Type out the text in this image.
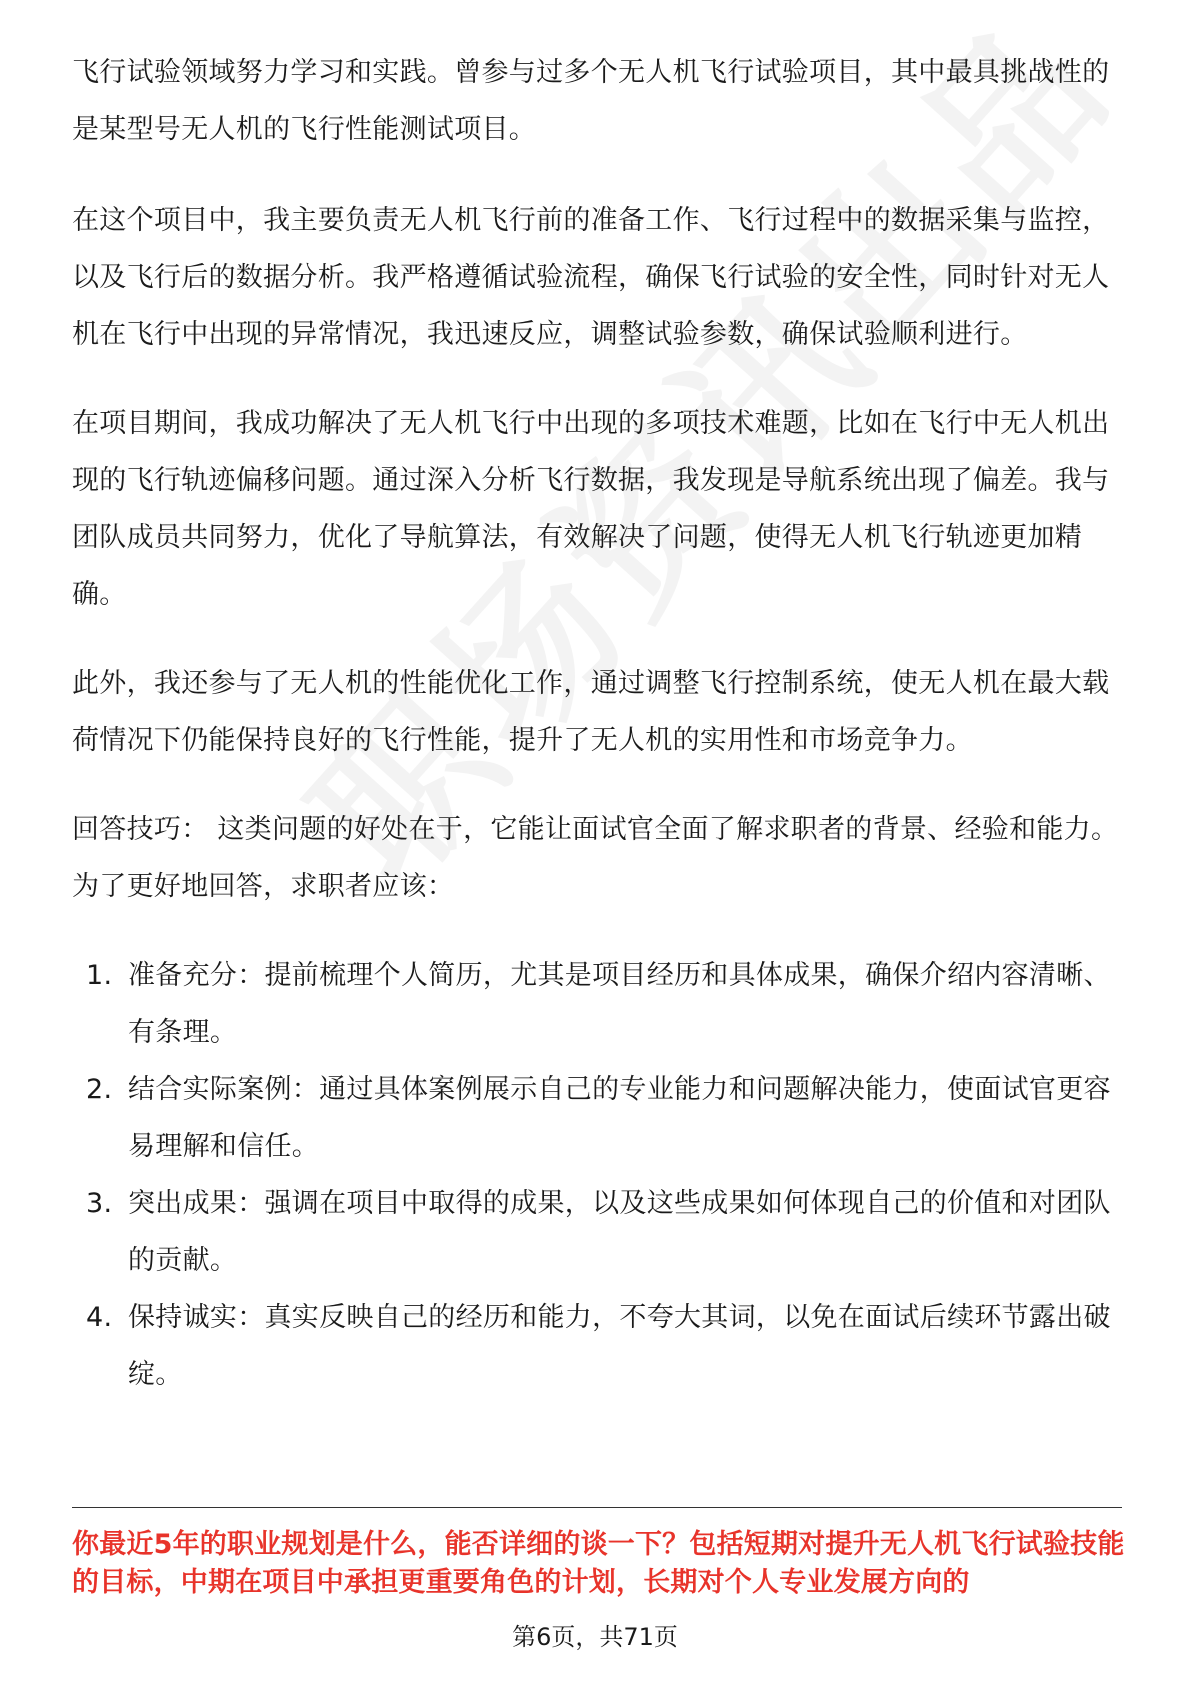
飞行试验领域努力学习和实践。曾参与过多个无人机飞行试验项目，其中最具挑战性的是某型号无人机的飞行性能测试项目。

在这个项目中，我主要负责无人机飞行前的准备工作、飞行过程中的数据采集与监控，以及飞行后的数据分析。我严格遵循试验流程，确保飞行试验的安全性，同时针对无人机在飞行中出现的异常情况，我迅速反应，调整试验参数，确保试验顺利进行。

在项目期间，我成功解决了无人机飞行中出现的多项技术难题，比如在飞行中无人机出现的飞行轨迹偏移问题。通过深入分析飞行数据，我发现是导航系统出现了偏差。我与团队成员共同努力，优化了导航算法，有效解决了问题，使得无人机飞行轨迹更加精确。

此外，我还参与了无人机的性能优化工作，通过调整飞行控制系统，使无人机在最大载荷情况下仍能保持良好的飞行性能，提升了无人机的实用性和市场竞争力。

回答技巧： 这类问题的好处在于，它能让面试官全面了解求职者的背景、经验和能力。为了更好地回答，求职者应该：

1. 准备充分：提前梳理个人简历，尤其是项目经历和具体成果，确保介绍内容清晰、有条理。
2. 结合实际案例：通过具体案例展示自己的专业能力和问题解决能力，使面试官更容易理解和信任。
3. 突出成果：强调在项目中取得的成果，以及这些成果如何体现自己的价值和对团队的贡献。
4. 保持诚实：真实反映自己的经历和能力，不夸大其词，以免在面试后续环节露出破绽。
你最近5年的职业规划是什么，能否详细的谈一下？包括短期对提升无人机飞行试验技能的目标，中期在项目中承担更重要角色的计划，长期对个人专业发展方向的
第6页，共71页
